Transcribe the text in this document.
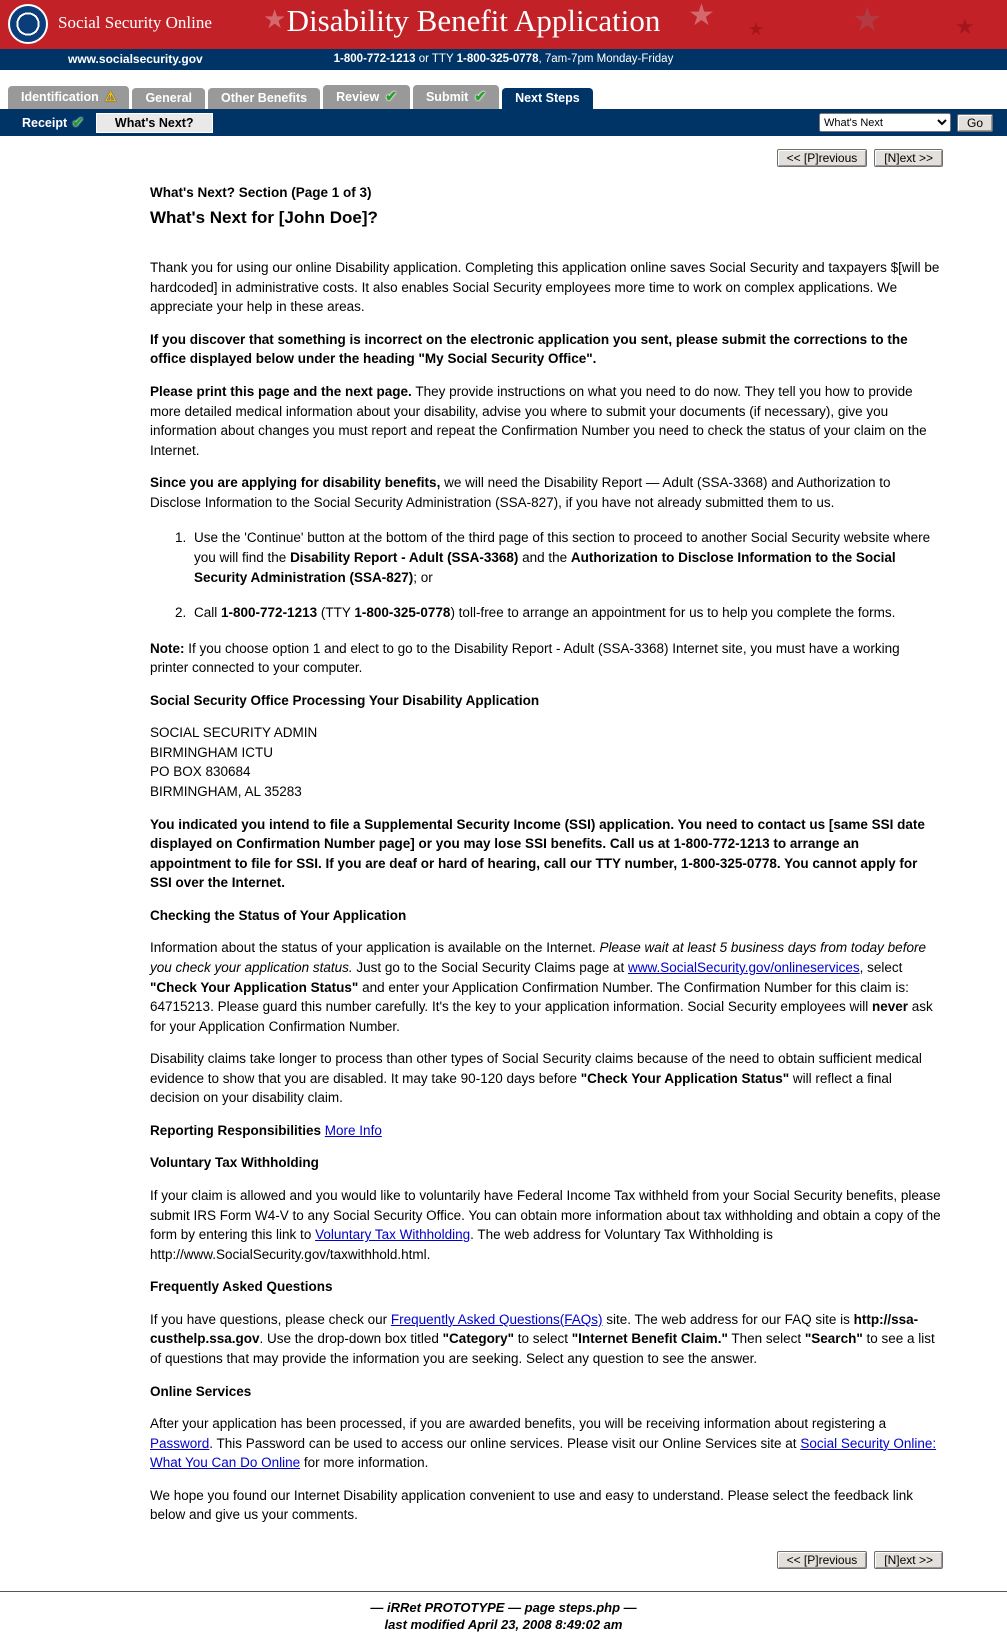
★	★ ★	★	★
Social Security Online	Disability Benefit Application
www.socialsecurity.gov	1-800-772-1213 or TTY 1-800-325-0778, 7am-7pm Monday-Friday
Identification ⚠ General Other Benefits Review ✔ Submit ✔ Next Steps
Receipt ✔	What's Next?
What's Next	Go
<< [P]revious	[N]ext >>
What's Next? Section (Page 1 of 3)
What's Next for [John Doe]?

Thank you for using our online Disability application. Completing this application online saves Social Security and taxpayers $[will be hardcoded] in administrative costs. It also enables Social Security employees more time to work on complex applications. We appreciate your help in these areas.

If you discover that something is incorrect on the electronic application you sent, please submit the corrections to the office displayed below under the heading "My Social Security Office".

Please print this page and the next page. They provide instructions on what you need to do now. They tell you how to provide more detailed medical information about your disability, advise you where to submit your documents (if necessary), give you information about changes you must report and repeat the Confirmation Number you need to check the status of your claim on the Internet.

Since you are applying for disability benefits, we will need the Disability Report — Adult (SSA-3368) and Authorization to Disclose Information to the Social Security Administration (SSA-827), if you have not already submitted them to us.

1. Use the 'Continue' button at the bottom of the third page of this section to proceed to another Social Security website where you will find the Disability Report - Adult (SSA-3368) and the Authorization to Disclose Information to the Social Security Administration (SSA-827); or
2. Call 1-800-772-1213 (TTY 1-800-325-0778) toll-free to arrange an appointment for us to help you complete the forms.

Note: If you choose option 1 and elect to go to the Disability Report - Adult (SSA-3368) Internet site, you must have a working printer connected to your computer.

Social Security Office Processing Your Disability Application

SOCIAL SECURITY ADMIN
BIRMINGHAM ICTU
PO BOX 830684
BIRMINGHAM, AL 35283

You indicated you intend to file a Supplemental Security Income (SSI) application. You need to contact us [same SSI date displayed on Confirmation Number page] or you may lose SSI benefits. Call us at 1-800-772-1213 to arrange an appointment to file for SSI. If you are deaf or hard of hearing, call our TTY number, 1-800-325-0778. You cannot apply for SSI over the Internet.

Checking the Status of Your Application

Information about the status of your application is available on the Internet. Please wait at least 5 business days from today before you check your application status. Just go to the Social Security Claims page at www.SocialSecurity.gov/onlineservices, select "Check Your Application Status" and enter your Application Confirmation Number. The Confirmation Number for this claim is: 64715213. Please guard this number carefully. It's the key to your application information. Social Security employees will never ask for your Application Confirmation Number.

Disability claims take longer to process than other types of Social Security claims because of the need to obtain sufficient medical evidence to show that you are disabled. It may take 90-120 days before "Check Your Application Status" will reflect a final decision on your disability claim.

Reporting Responsibilities More Info

Voluntary Tax Withholding

If your claim is allowed and you would like to voluntarily have Federal Income Tax withheld from your Social Security benefits, please submit IRS Form W4-V to any Social Security Office. You can obtain more information about tax withholding and obtain a copy of the form by entering this link to Voluntary Tax Withholding. The web address for Voluntary Tax Withholding is http://www.SocialSecurity.gov/taxwithhold.html.

Frequently Asked Questions

If you have questions, please check our Frequently Asked Questions(FAQs) site. The web address for our FAQ site is http://ssa-custhelp.ssa.gov. Use the drop-down box titled "Category" to select "Internet Benefit Claim." Then select "Search" to see a list of questions that may provide the information you are seeking. Select any question to see the answer.

Online Services

After your application has been processed, if you are awarded benefits, you will be receiving information about registering a Password. This Password can be used to access our online services. Please visit our Online Services site at Social Security Online: What You Can Do Online for more information.

We hope you found our Internet Disability application convenient to use and easy to understand. Please select the feedback link below and give us your comments.

<< [P]revious	[N]ext >>
— iRRet PROTOTYPE — page steps.php —
last modified April 23, 2008 8:49:02 am
